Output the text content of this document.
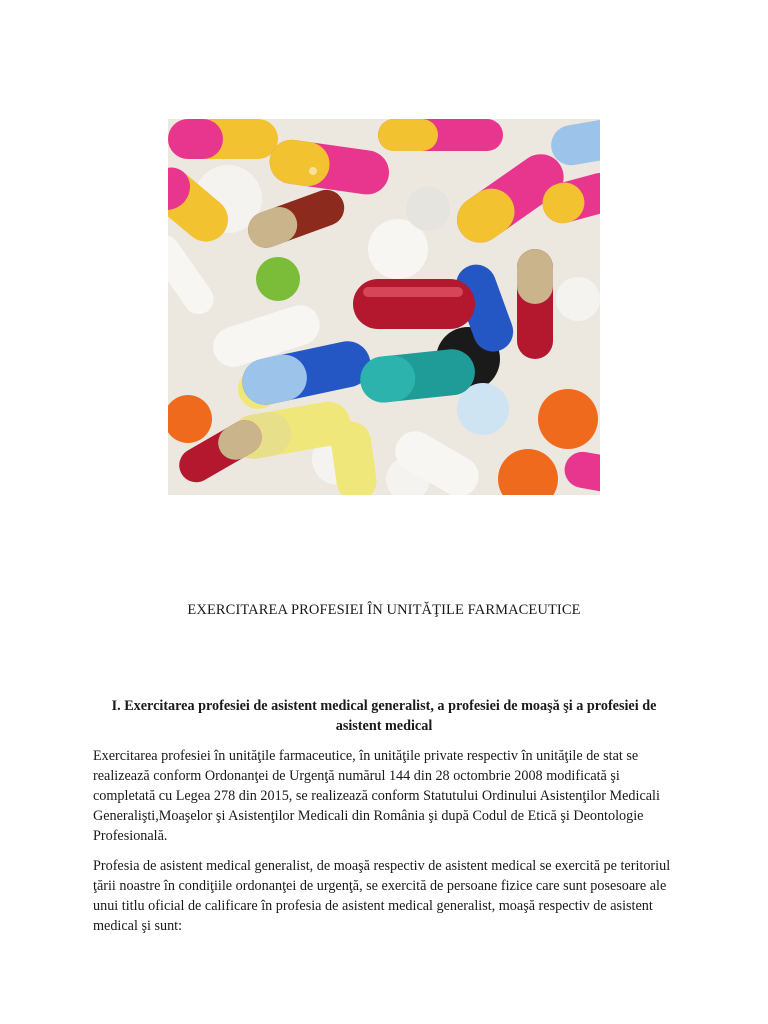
EXERCITAREA PROFESIEI ÎN UNITĂŢILE FARMACEUTICE
I. Exercitarea profesiei de asistent medical generalist, a profesiei de moaşă şi a profesiei de asistent medical

Exercitarea profesiei în unităţile farmaceutice, în unităţile private respectiv în unităţile de stat se realizează conform Ordonanţei de Urgenţă numărul 144 din 28 octombrie 2008 modificată şi completată cu Legea 278 din 2015, se realizează conform Statutului Ordinului Asistenţilor Medicali Generalişti,Moaşelor şi Asistenţilor Medicali din România şi după Codul de Etică şi Deontologie Profesională.

Profesia de asistent medical generalist, de moaşă respectiv de asistent medical se exercită pe teritoriul ţării noastre în condiţiile ordonanţei de urgenţă, se exercită de persoane fizice care sunt posesoare ale unui titlu oficial de calificare în profesia de asistent medical generalist, moaşă respectiv de asistent medical şi sunt:
